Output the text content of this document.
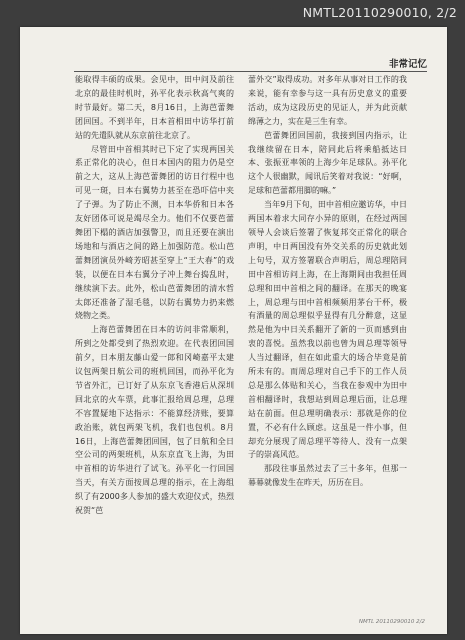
NMTL20110290010, 2/2
非常记忆

能取得丰硕的成果。会见中，田中问及前往北京的最佳时机时，孙平化表示秋高气爽的时节最好。第二天，8月16日，上海芭蕾舞团回国。不到半年，日本首相田中访华打前站的先遣队就从东京前往北京了。

尽管田中首相其时已下定了实现两国关系正常化的决心，但日本国内的阻力仍是空前之大，这从上海芭蕾舞团的访日行程中也可见一斑，日本右翼势力甚至在恐吓信中夹了子弹。为了防止不测，日本华侨和日本各友好团体可说是竭尽全力。他们不仅要芭蕾舞团下榻的酒店加强警卫，而且还要在演出场地和与酒店之间的路上加强防范。松山芭蕾舞团演员外崎芳昭甚至穿上“王大春”的戏装，以便在日本右翼分子冲上舞台捣乱时，继续演下去。此外，松山芭蕾舞团的清水哲太郎还准备了湿毛毯，以防右翼势力扔来燃烧物之类。

上海芭蕾舞团在日本的访问非常顺利，所到之处都受到了热烈欢迎。在代表团回国前夕，日本朋友藤山爱一郎和冈崎嘉平太建议包两架日航公司的班机回国，而孙平化为节省外汇，已订好了从东京飞香港后从深圳回北京的火车票，此事汇报给周总理，总理不容置疑地下达指示：不能算经济账，要算政治账，就包两架飞机，我们也包机。8月16日，上海芭蕾舞团回国，包了日航和全日空公司的两架班机，从东京直飞上海，为田中首相的访华进行了试飞。孙平化一行回国当天，有关方面按周总理的指示，在上海组织了有2000多人参加的盛大欢迎仪式，热烈祝贺“芭

蕾外交”取得成功。对多年从事对日工作的我来说，能有幸参与这一具有历史意义的重要活动，成为这段历史的见证人，并为此贡献绵薄之力，实在是三生有幸。

芭蕾舞团回国前，我接到国内指示，让我继续留在日本，陪同此后将乘船抵达日本、张振亚率领的上海少年足球队。孙平化这个人很幽默，闻讯后笑着对我说：“好啊，足球和芭蕾都用脚的嘛。”

当年9月下旬，田中首相应邀访华，中日两国本着求大同存小异的原则，在经过两国领导人会谈后签署了恢复邦交正常化的联合声明，中日两国没有外交关系的历史就此划上句号，双方签署联合声明后，周总理陪同田中首相访问上海，在上海期间由我担任周总理和田中首相之间的翻译。在那天的晚宴上，周总理与田中首相频频用茅台干杯，极有酒量的周总理似乎显得有几分醉意，这显然是他为中日关系翻开了新的一页而感到由衷的喜悦。虽然我以前也曾为周总理等领导人当过翻译，但在如此重大的场合毕竟是前所未有的。而周总理对自己手下的工作人员总是那么体贴和关心，当我在参观中为田中首相翻译时，我想站到周总理后面，让总理站在前面。但总理明确表示：那就是你的位置，不必有什么顾虑。这虽是一件小事，但却充分展现了周总理平等待人、没有一点架子的崇高风范。

那段往事虽然过去了三十多年，但那一幕幕就像发生在昨天，历历在目。

NMTL 20110290010 2/2
